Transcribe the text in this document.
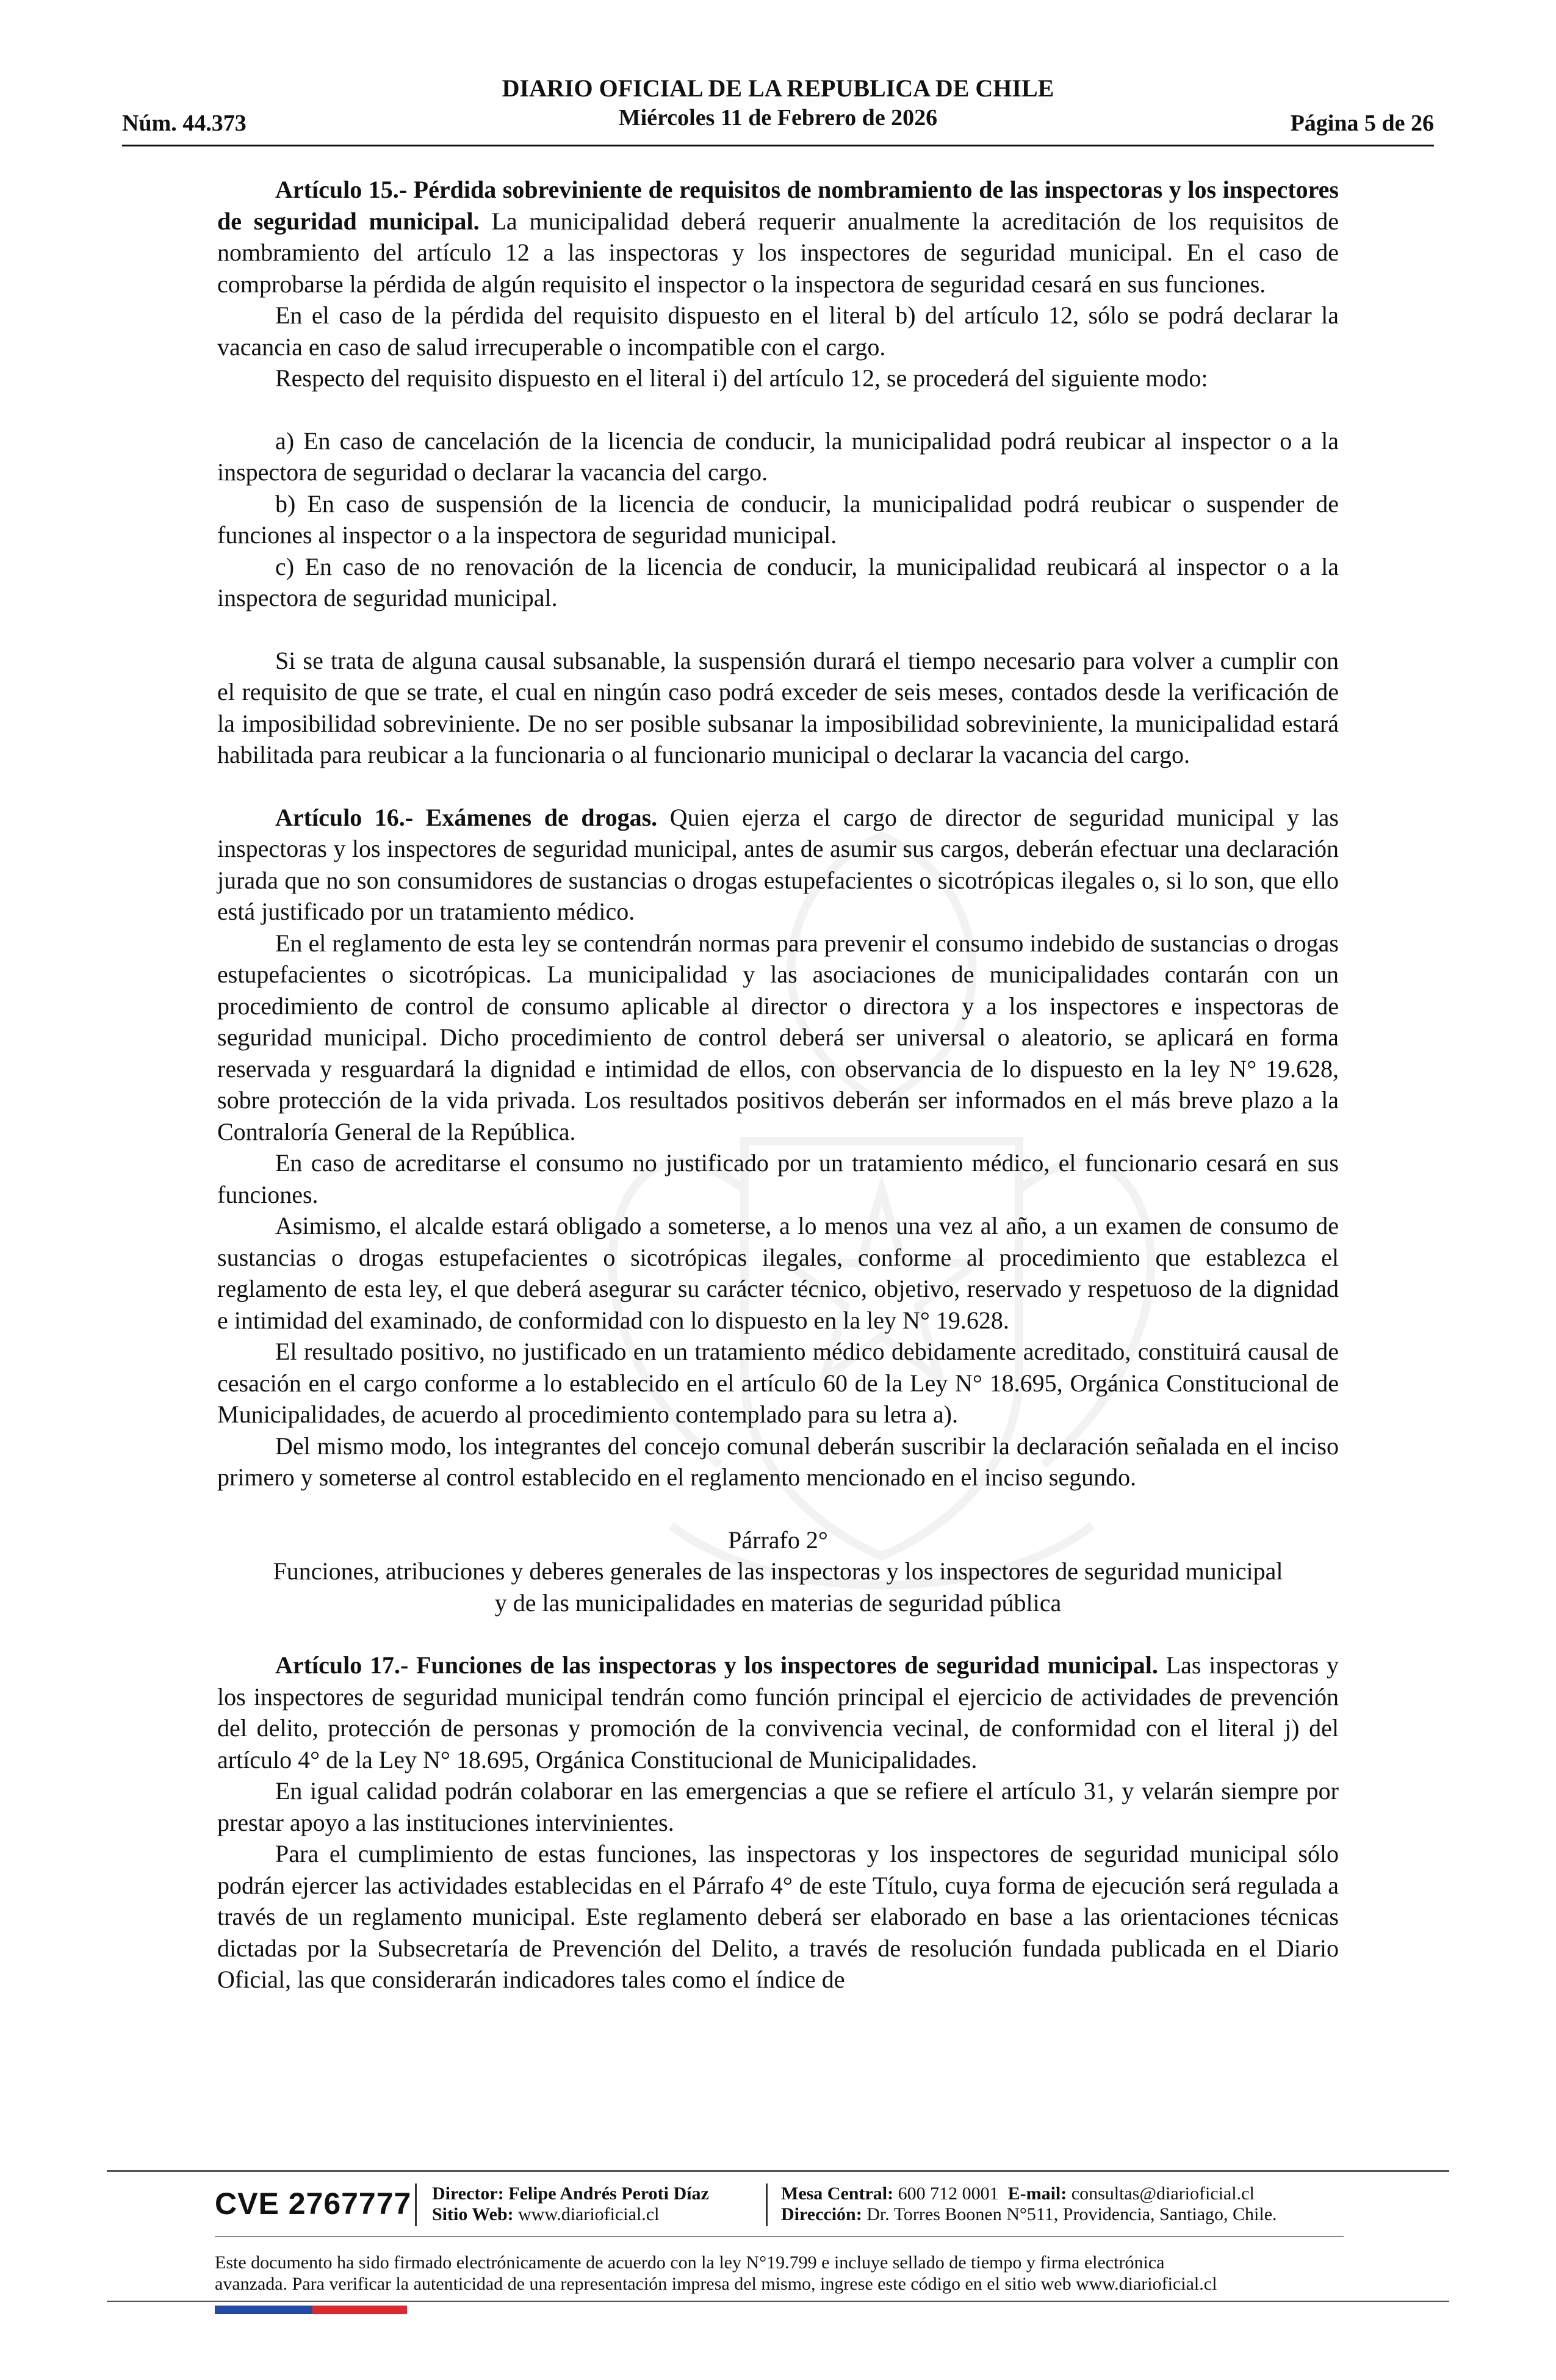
Núm. 44.373
DIARIO OFICIAL DE LA REPUBLICA DE CHILE
Miércoles 11 de Febrero de 2026	Página 5 de 26

Artículo 15.- Pérdida sobreviniente de requisitos de nombramiento de las inspectoras y los inspectores de seguridad municipal. La municipalidad deberá requerir anualmente la acreditación de los requisitos de nombramiento del artículo 12 a las inspectoras y los inspectores de seguridad municipal. En el caso de comprobarse la pérdida de algún requisito el inspector o la inspectora de seguridad cesará en sus funciones.

En el caso de la pérdida del requisito dispuesto en el literal b) del artículo 12, sólo se podrá declarar la vacancia en caso de salud irrecuperable o incompatible con el cargo.

Respecto del requisito dispuesto en el literal i) del artículo 12, se procederá del siguiente modo:

a) En caso de cancelación de la licencia de conducir, la municipalidad podrá reubicar al inspector o a la inspectora de seguridad o declarar la vacancia del cargo.

b) En caso de suspensión de la licencia de conducir, la municipalidad podrá reubicar o suspender de funciones al inspector o a la inspectora de seguridad municipal.

c) En caso de no renovación de la licencia de conducir, la municipalidad reubicará al inspector o a la inspectora de seguridad municipal.

Si se trata de alguna causal subsanable, la suspensión durará el tiempo necesario para volver a cumplir con el requisito de que se trate, el cual en ningún caso podrá exceder de seis meses, contados desde la verificación de la imposibilidad sobreviniente. De no ser posible subsanar la imposibilidad sobreviniente, la municipalidad estará habilitada para reubicar a la funcionaria o al funcionario municipal o declarar la vacancia del cargo.

Artículo 16.- Exámenes de drogas. Quien ejerza el cargo de director de seguridad municipal y las inspectoras y los inspectores de seguridad municipal, antes de asumir sus cargos, deberán efectuar una declaración jurada que no son consumidores de sustancias o drogas estupefacientes o sicotrópicas ilegales o, si lo son, que ello está justificado por un tratamiento médico.

En el reglamento de esta ley se contendrán normas para prevenir el consumo indebido de sustancias o drogas estupefacientes o sicotrópicas. La municipalidad y las asociaciones de municipalidades contarán con un procedimiento de control de consumo aplicable al director o directora y a los inspectores e inspectoras de seguridad municipal. Dicho procedimiento de control deberá ser universal o aleatorio, se aplicará en forma reservada y resguardará la dignidad e intimidad de ellos, con observancia de lo dispuesto en la ley N° 19.628, sobre protección de la vida privada. Los resultados positivos deberán ser informados en el más breve plazo a la Contraloría General de la República.

En caso de acreditarse el consumo no justificado por un tratamiento médico, el funcionario cesará en sus funciones.

Asimismo, el alcalde estará obligado a someterse, a lo menos una vez al año, a un examen de consumo de sustancias o drogas estupefacientes o sicotrópicas ilegales, conforme al procedimiento que establezca el reglamento de esta ley, el que deberá asegurar su carácter técnico, objetivo, reservado y respetuoso de la dignidad e intimidad del examinado, de conformidad con lo dispuesto en la ley N° 19.628.

El resultado positivo, no justificado en un tratamiento médico debidamente acreditado, constituirá causal de cesación en el cargo conforme a lo establecido en el artículo 60 de la Ley N° 18.695, Orgánica Constitucional de Municipalidades, de acuerdo al procedimiento contemplado para su letra a).

Del mismo modo, los integrantes del concejo comunal deberán suscribir la declaración señalada en el inciso primero y someterse al control establecido en el reglamento mencionado en el inciso segundo.

Párrafo 2°

Funciones, atribuciones y deberes generales de las inspectoras y los inspectores de seguridad municipal

y de las municipalidades en materias de seguridad pública

Artículo 17.- Funciones de las inspectoras y los inspectores de seguridad municipal. Las inspectoras y los inspectores de seguridad municipal tendrán como función principal el ejercicio de actividades de prevención del delito, protección de personas y promoción de la convivencia vecinal, de conformidad con el literal j) del artículo 4° de la Ley N° 18.695, Orgánica Constitucional de Municipalidades.

En igual calidad podrán colaborar en las emergencias a que se refiere el artículo 31, y velarán siempre por prestar apoyo a las instituciones intervinientes.

Para el cumplimiento de estas funciones, las inspectoras y los inspectores de seguridad municipal sólo podrán ejercer las actividades establecidas en el Párrafo 4° de este Título, cuya forma de ejecución será regulada a través de un reglamento municipal. Este reglamento deberá ser elaborado en base a las orientaciones técnicas dictadas por la Subsecretaría de Prevención del Delito, a través de resolución fundada publicada en el Diario Oficial, las que considerarán indicadores tales como el índice de

CVE 2767777 Director: Felipe Andrés Peroti Díaz
Sitio Web: www.diarioficial.cl
Mesa Central: 600 712 0001 E-mail: consultas@diarioficial.cl
Dirección: Dr. Torres Boonen N°511, Providencia, Santiago, Chile.
Este documento ha sido firmado electrónicamente de acuerdo con la ley N°19.799 e incluye sellado de tiempo y firma electrónica
avanzada. Para verificar la autenticidad de una representación impresa del mismo, ingrese este código en el sitio web www.diarioficial.cl
